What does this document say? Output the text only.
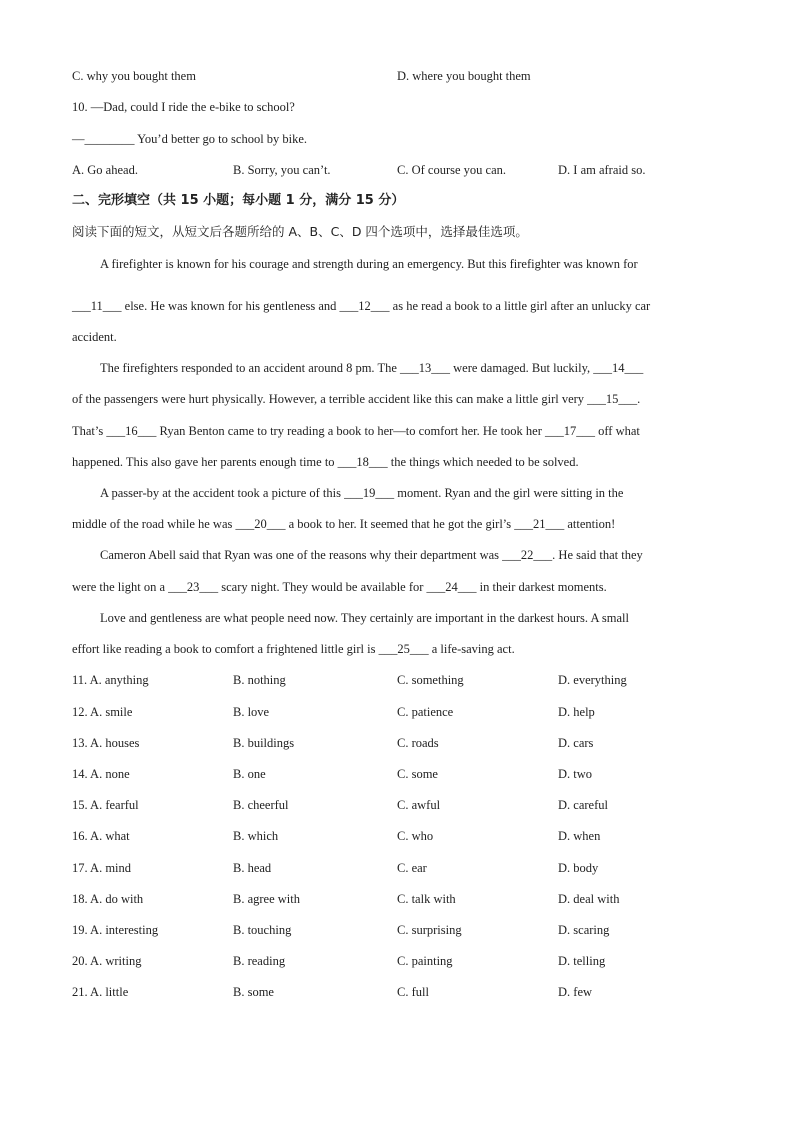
C. why you bought them	D. where you bought them
10. —Dad, could I ride the e-bike to school?
—________ You’d better go to school by bike.
A. Go ahead.	B. Sorry, you can’t.	C. Of course you can.	D. I am afraid so.
二、完形填空（共 15 小题；每小题 1 分，满分 15 分）
阅读下面的短文，从短文后各题所给的 A、B、C、D 四个选项中，选择最佳选项。
A firefighter is known for his courage and strength during an emergency. But this firefighter was known for
___11___ else. He was known for his gentleness and ___12___ as he read a book to a little girl after an unlucky car
accident.
The firefighters responded to an accident around 8 pm. The ___13___ were damaged. But luckily, ___14___
of the passengers were hurt physically. However, a terrible accident like this can make a little girl very ___15___.
That’s ___16___ Ryan Benton came to try reading a book to her—to comfort her. He took her ___17___ off what
happened. This also gave her parents enough time to ___18___ the things which needed to be solved.
A passer-by at the accident took a picture of this ___19___ moment. Ryan and the girl were sitting in the
middle of the road while he was ___20___ a book to her. It seemed that he got the girl’s ___21___ attention!
Cameron Abell said that Ryan was one of the reasons why their department was ___22___. He said that they
were the light on a ___23___ scary night. They would be available for ___24___ in their darkest moments.
Love and gentleness are what people need now. They certainly are important in the darkest hours. A small
effort like reading a book to comfort a frightened little girl is ___25___ a life-saving act.
11. A. anything	B. nothing	C. something	D. everything
12. A. smile	B. love	C. patience	D. help
13. A. houses	B. buildings	C. roads	D. cars
14. A. none	B. one	C. some	D. two
15. A. fearful	B. cheerful	C. awful	D. careful
16. A. what	B. which	C. who	D. when
17. A. mind	B. head	C. ear	D. body
18. A. do with	B. agree with	C. talk with	D. deal with
19. A. interesting	B. touching	C. surprising	D. scaring
20. A. writing	B. reading	C. painting	D. telling
21. A. little	B. some	C. full	D. few
